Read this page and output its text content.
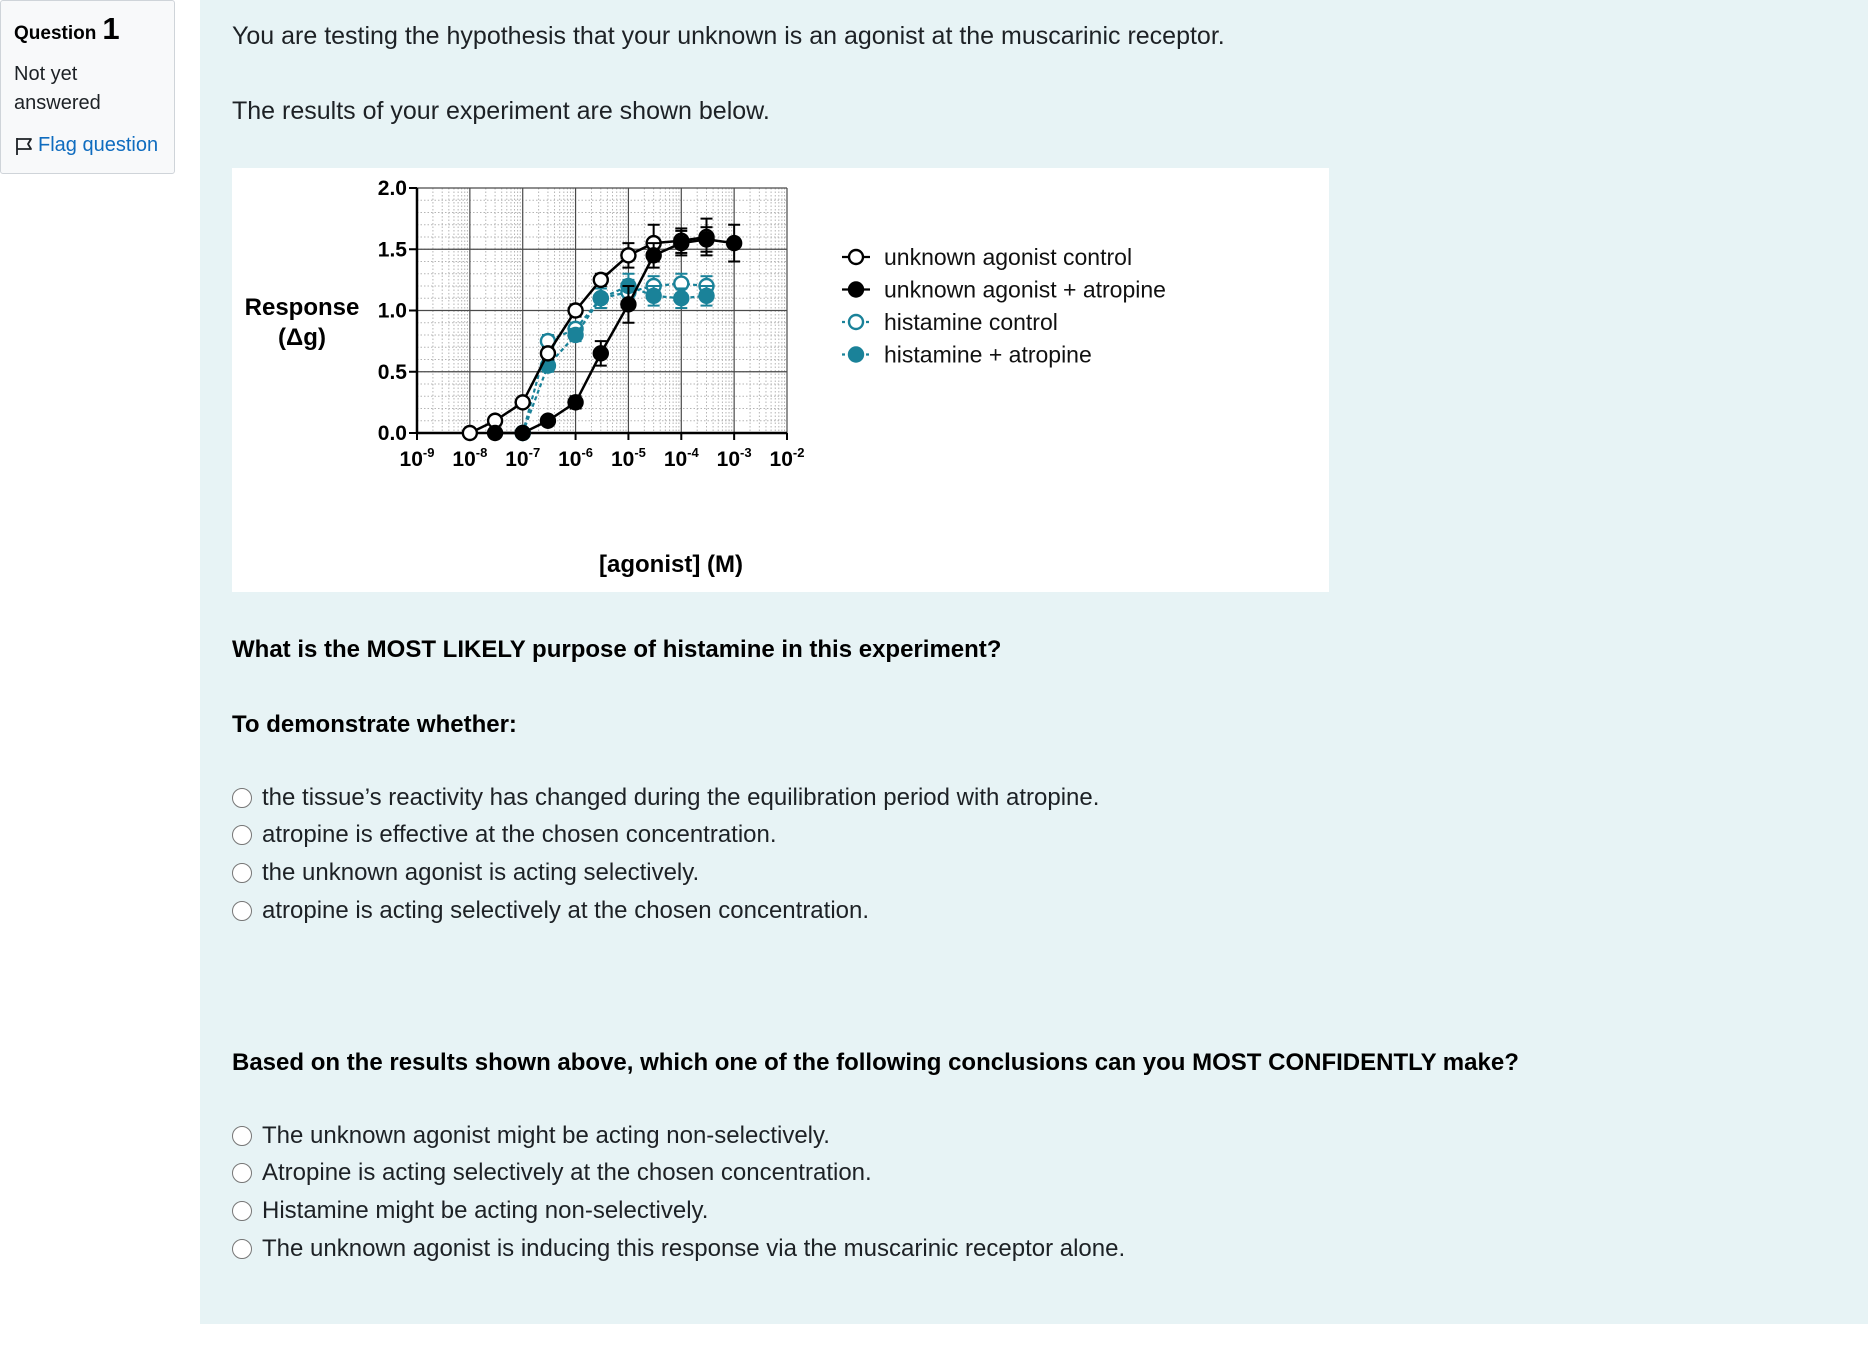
Question 1
Not yet answered
Flag question

You are testing the hypothesis that your unknown is an agonist at the muscarinic receptor.

The results of your experiment are shown below.

0.0
0.5
1.0
1.5
2.0
$10^{-9}$ $10^{-8}$ $10^{-7}$ $10^{-6}$ $10^{-5}$ $10^{-4}$ $10^{-3}$ $10^{-2}$
Response
(Δg)
[agonist] (M)
unknown agonist control
unknown agonist + atropine
histamine control
histamine + atropine

What is the MOST LIKELY purpose of histamine in this experiment?

To demonstrate whether:

the tissue’s reactivity has changed during the equilibration period with atropine.
atropine is effective at the chosen concentration.
the unknown agonist is acting selectively.
atropine is acting selectively at the chosen concentration.

Based on the results shown above, which one of the following conclusions can you MOST CONFIDENTLY make?

The unknown agonist might be acting non-selectively.
Atropine is acting selectively at the chosen concentration.
Histamine might be acting non-selectively.
The unknown agonist is inducing this response via the muscarinic receptor alone.
